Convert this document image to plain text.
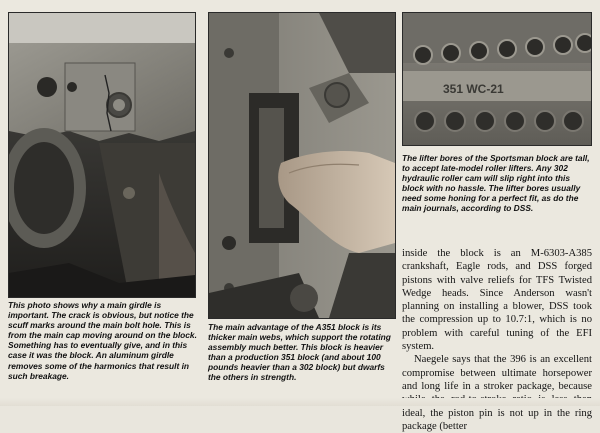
This photo shows why a main girdle is important. The crack is obvious, but notice the scuff marks around the main bolt hole. This is from the main cap moving around on the block. Something has to eventually give, and in this case it was the block. An aluminum girdle removes some of the harmonics that result in such breakage.

The main advantage of the A351 block is its thicker main webs, which support the rotating assembly much better. This block is heavier than a production 351 block (and about 100 pounds heavier than a 302 block) but dwarfs the others in strength.

351 WC-21

The lifter bores of the Sportsman block are tall, to accept late-model roller lifters. Any 302 hydraulic roller cam will slip right into this block with no hassle. The lifter bores usually need some honing for a perfect fit, as do the main journals, according to DSS.

inside the block is an M-6303-A385 crankshaft, Eagle rods, and DSS forged pistons with valve reliefs for TFS Twisted Wedge heads. Since Anderson wasn't planning on installing a blower, DSS took the compression up to 10.7:1, which is no problem with careful tuning of the EFI system.

Naegele says that the 396 is an excellent compromise between ultimate horsepower and long life in a stroker package, because ideal, the piston pin is not up in the ring package (better
